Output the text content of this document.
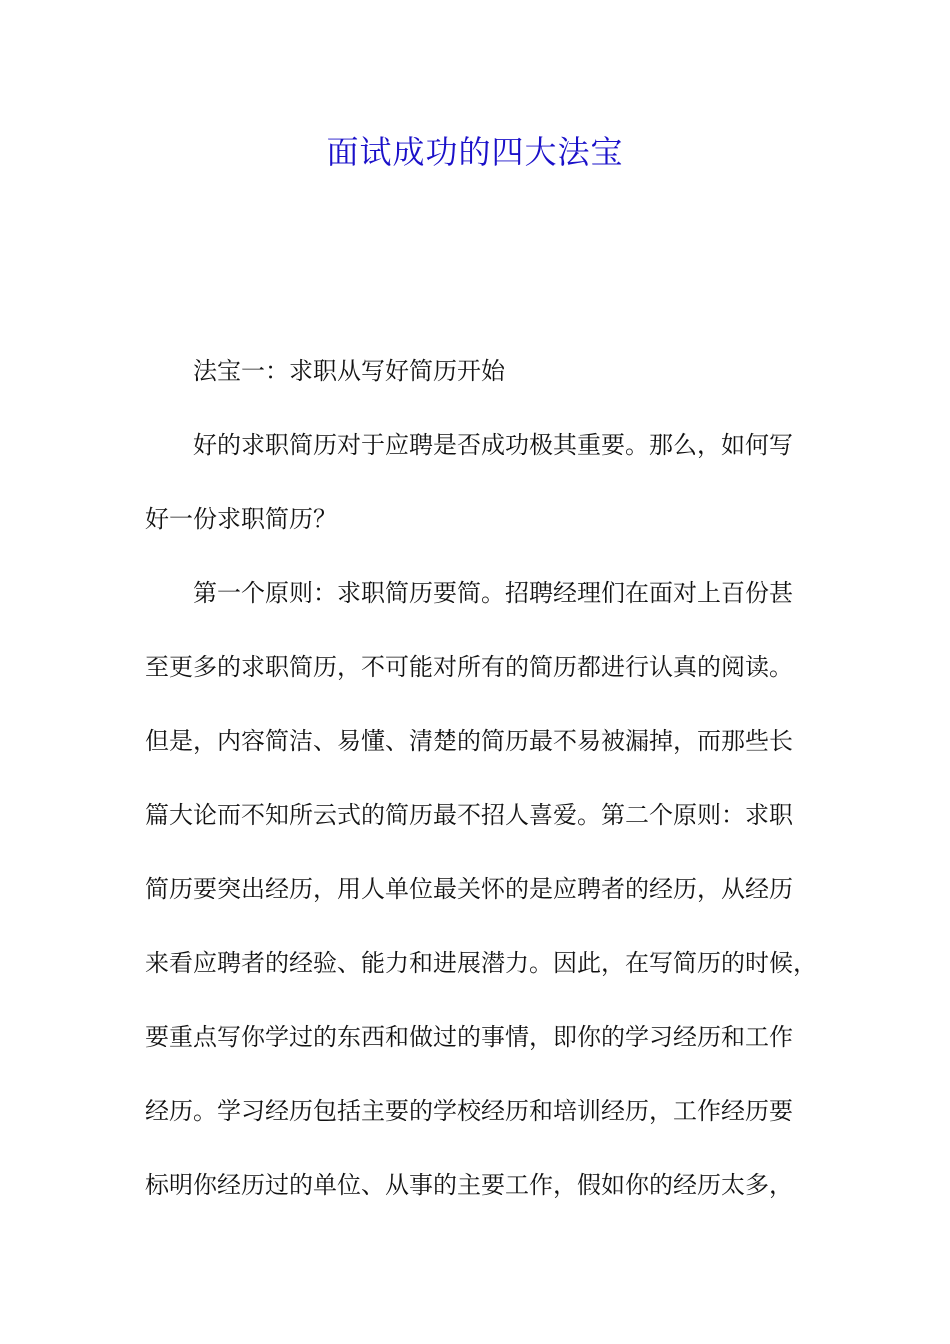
面试成功的四大法宝
法宝一：求职从写好简历开始
好的求职简历对于应聘是否成功极其重要。那么，如何写
好一份求职简历？
第一个原则：求职简历要简。招聘经理们在面对上百份甚
至更多的求职简历，不可能对所有的简历都进行认真的阅读。
但是，内容简洁、易懂、清楚的简历最不易被漏掉，而那些长
篇大论而不知所云式的简历最不招人喜爱。第二个原则：求职
简历要突出经历，用人单位最关怀的是应聘者的经历，从经历
来看应聘者的经验、能力和进展潜力。因此，在写简历的时候，
要重点写你学过的东西和做过的事情，即你的学习经历和工作
经历。学习经历包括主要的学校经历和培训经历，工作经历要
标明你经历过的单位、从事的主要工作，假如你的经历太多，
